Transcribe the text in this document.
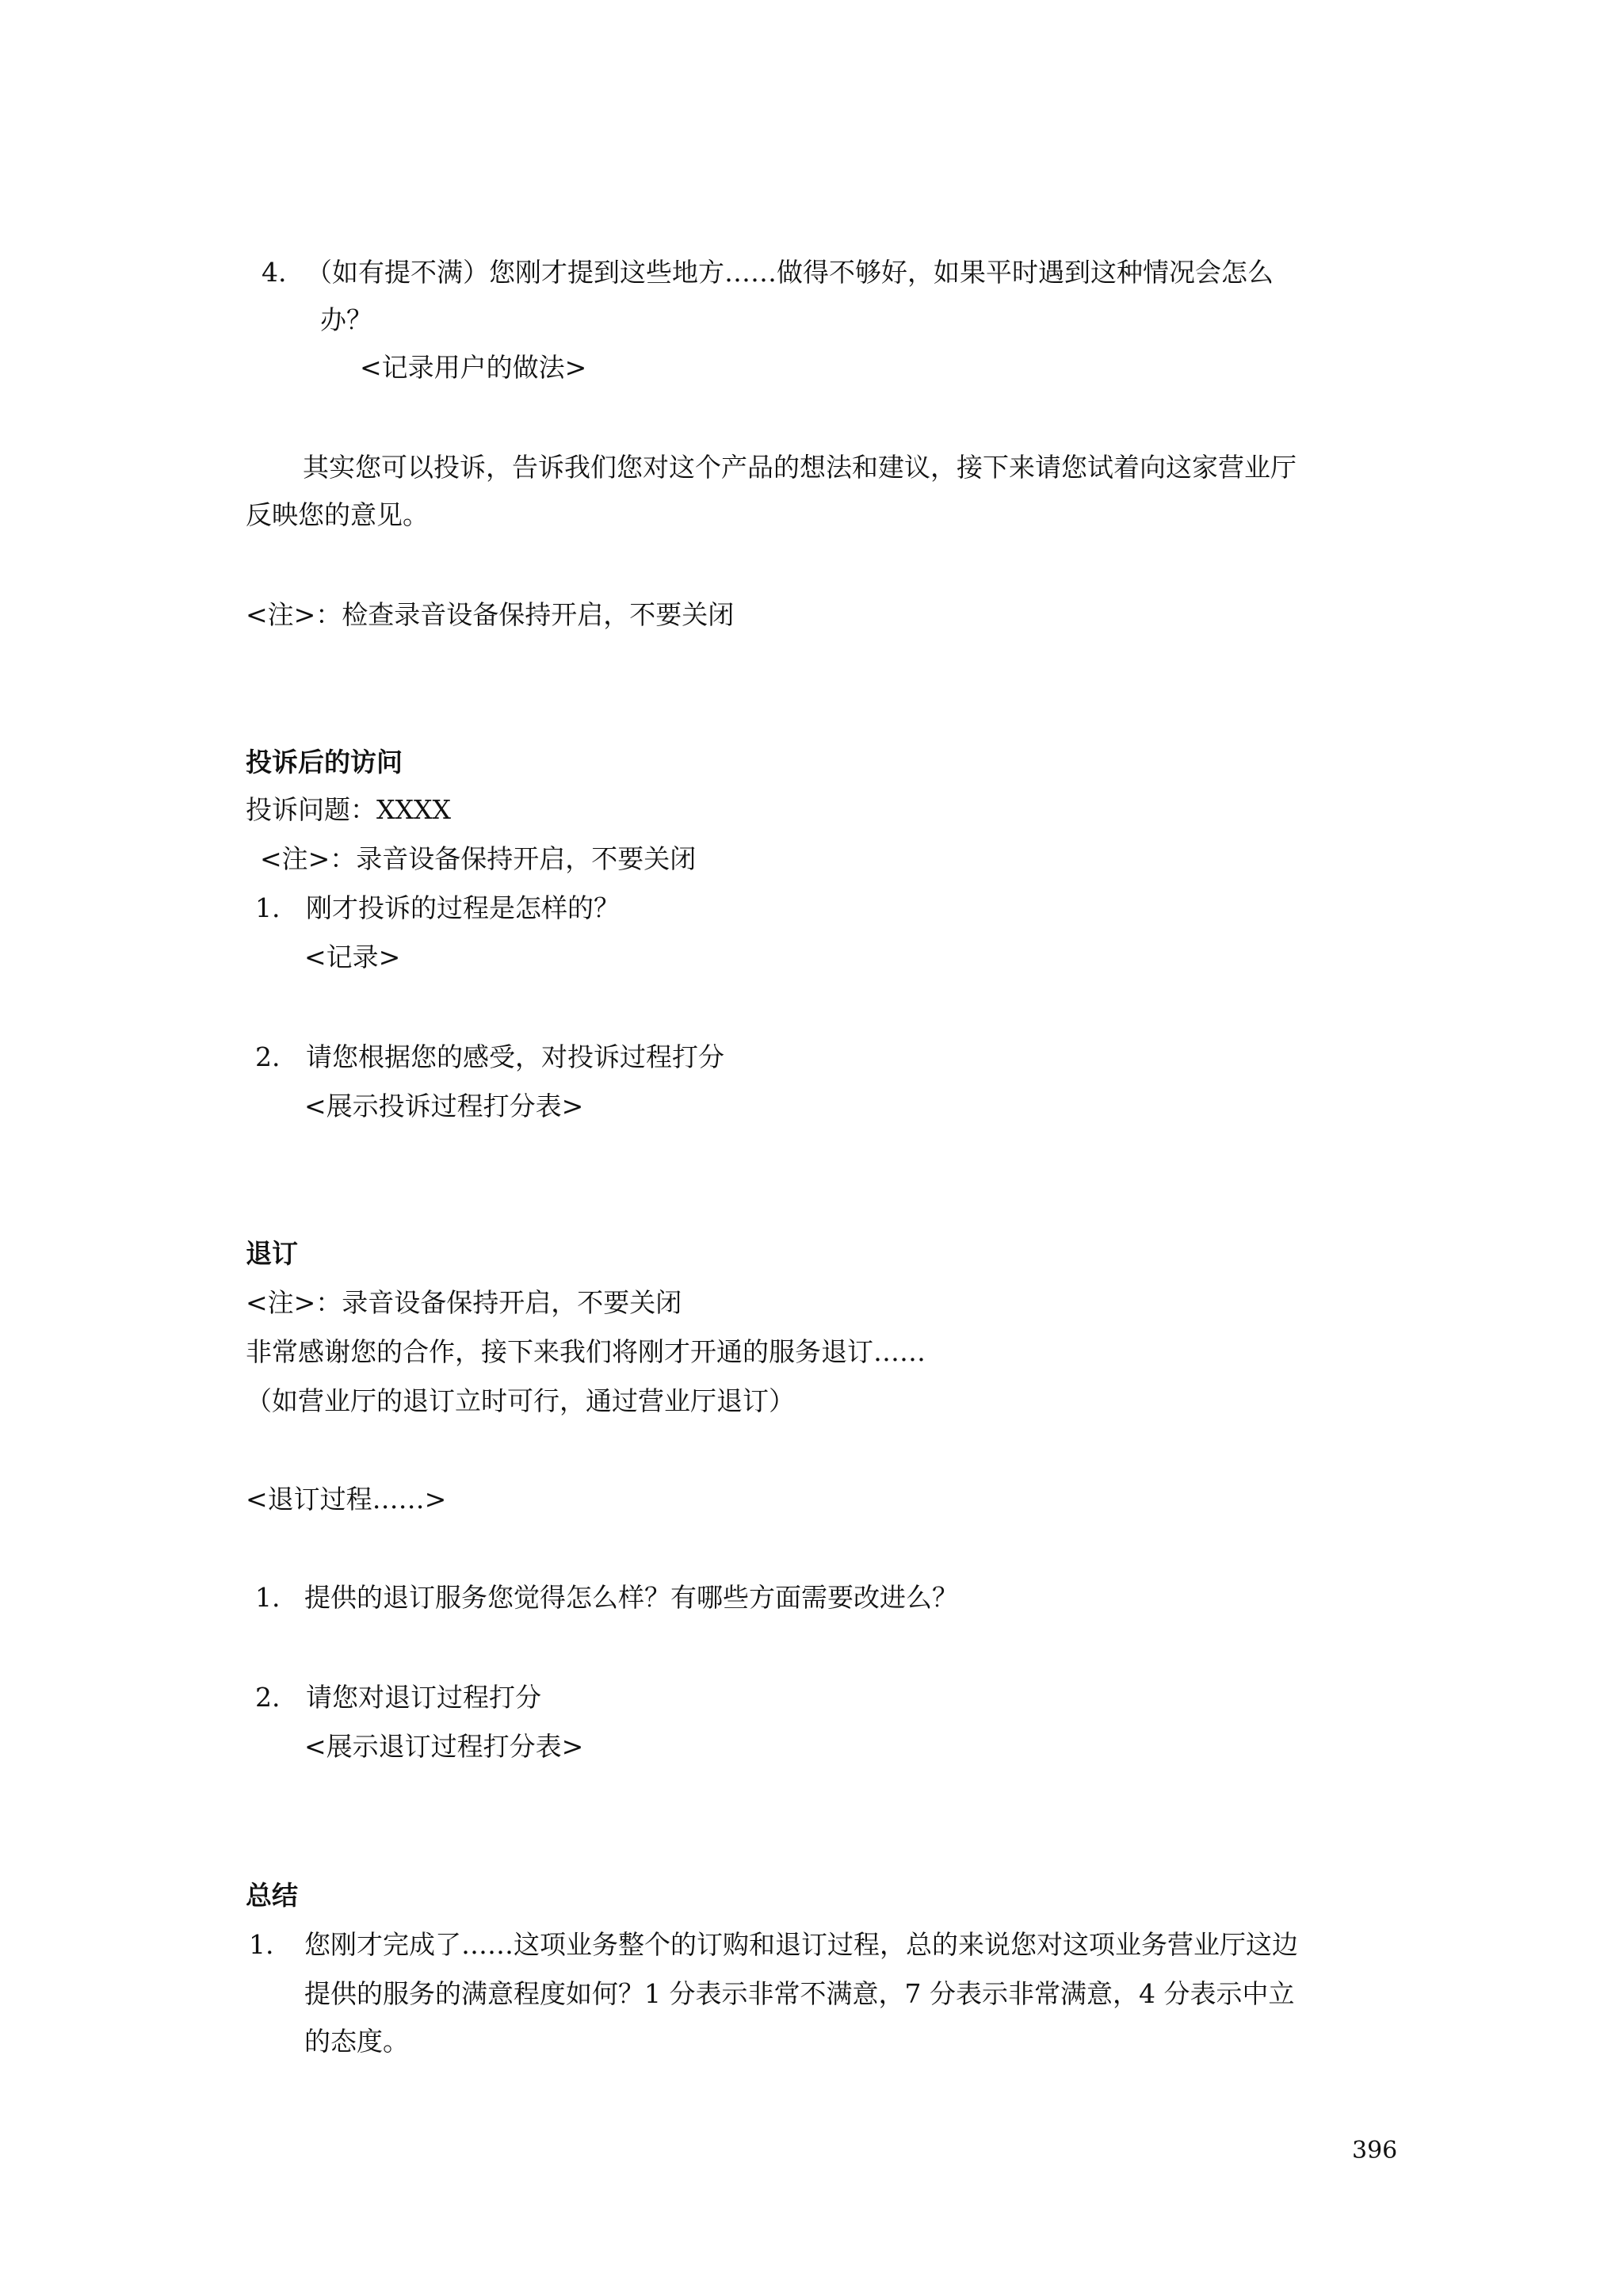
4. （如有提不满）您刚才提到这些地方……做得不够好，如果平时遇到这种情况会怎么
办？
<记录用户的做法>
其实您可以投诉，告诉我们您对这个产品的想法和建议，接下来请您试着向这家营业厅
反映您的意见。
<注>：检查录音设备保持开启，不要关闭
投诉后的访问
投诉问题：XXXX
<注>：录音设备保持开启，不要关闭
1. 刚才投诉的过程是怎样的？
<记录>
2. 请您根据您的感受，对投诉过程打分
<展示投诉过程打分表>
退订
<注>：录音设备保持开启，不要关闭
非常感谢您的合作，接下来我们将刚才开通的服务退订……
（如营业厅的退订立时可行，通过营业厅退订）
<退订过程……>
1. 提供的退订服务您觉得怎么样？有哪些方面需要改进么？
2. 请您对退订过程打分
<展示退订过程打分表>
总结
1. 您刚才完成了……这项业务整个的订购和退订过程，总的来说您对这项业务营业厅这边
提供的服务的满意程度如何？1 分表示非常不满意，7 分表示非常满意，4 分表示中立
的态度。
396
